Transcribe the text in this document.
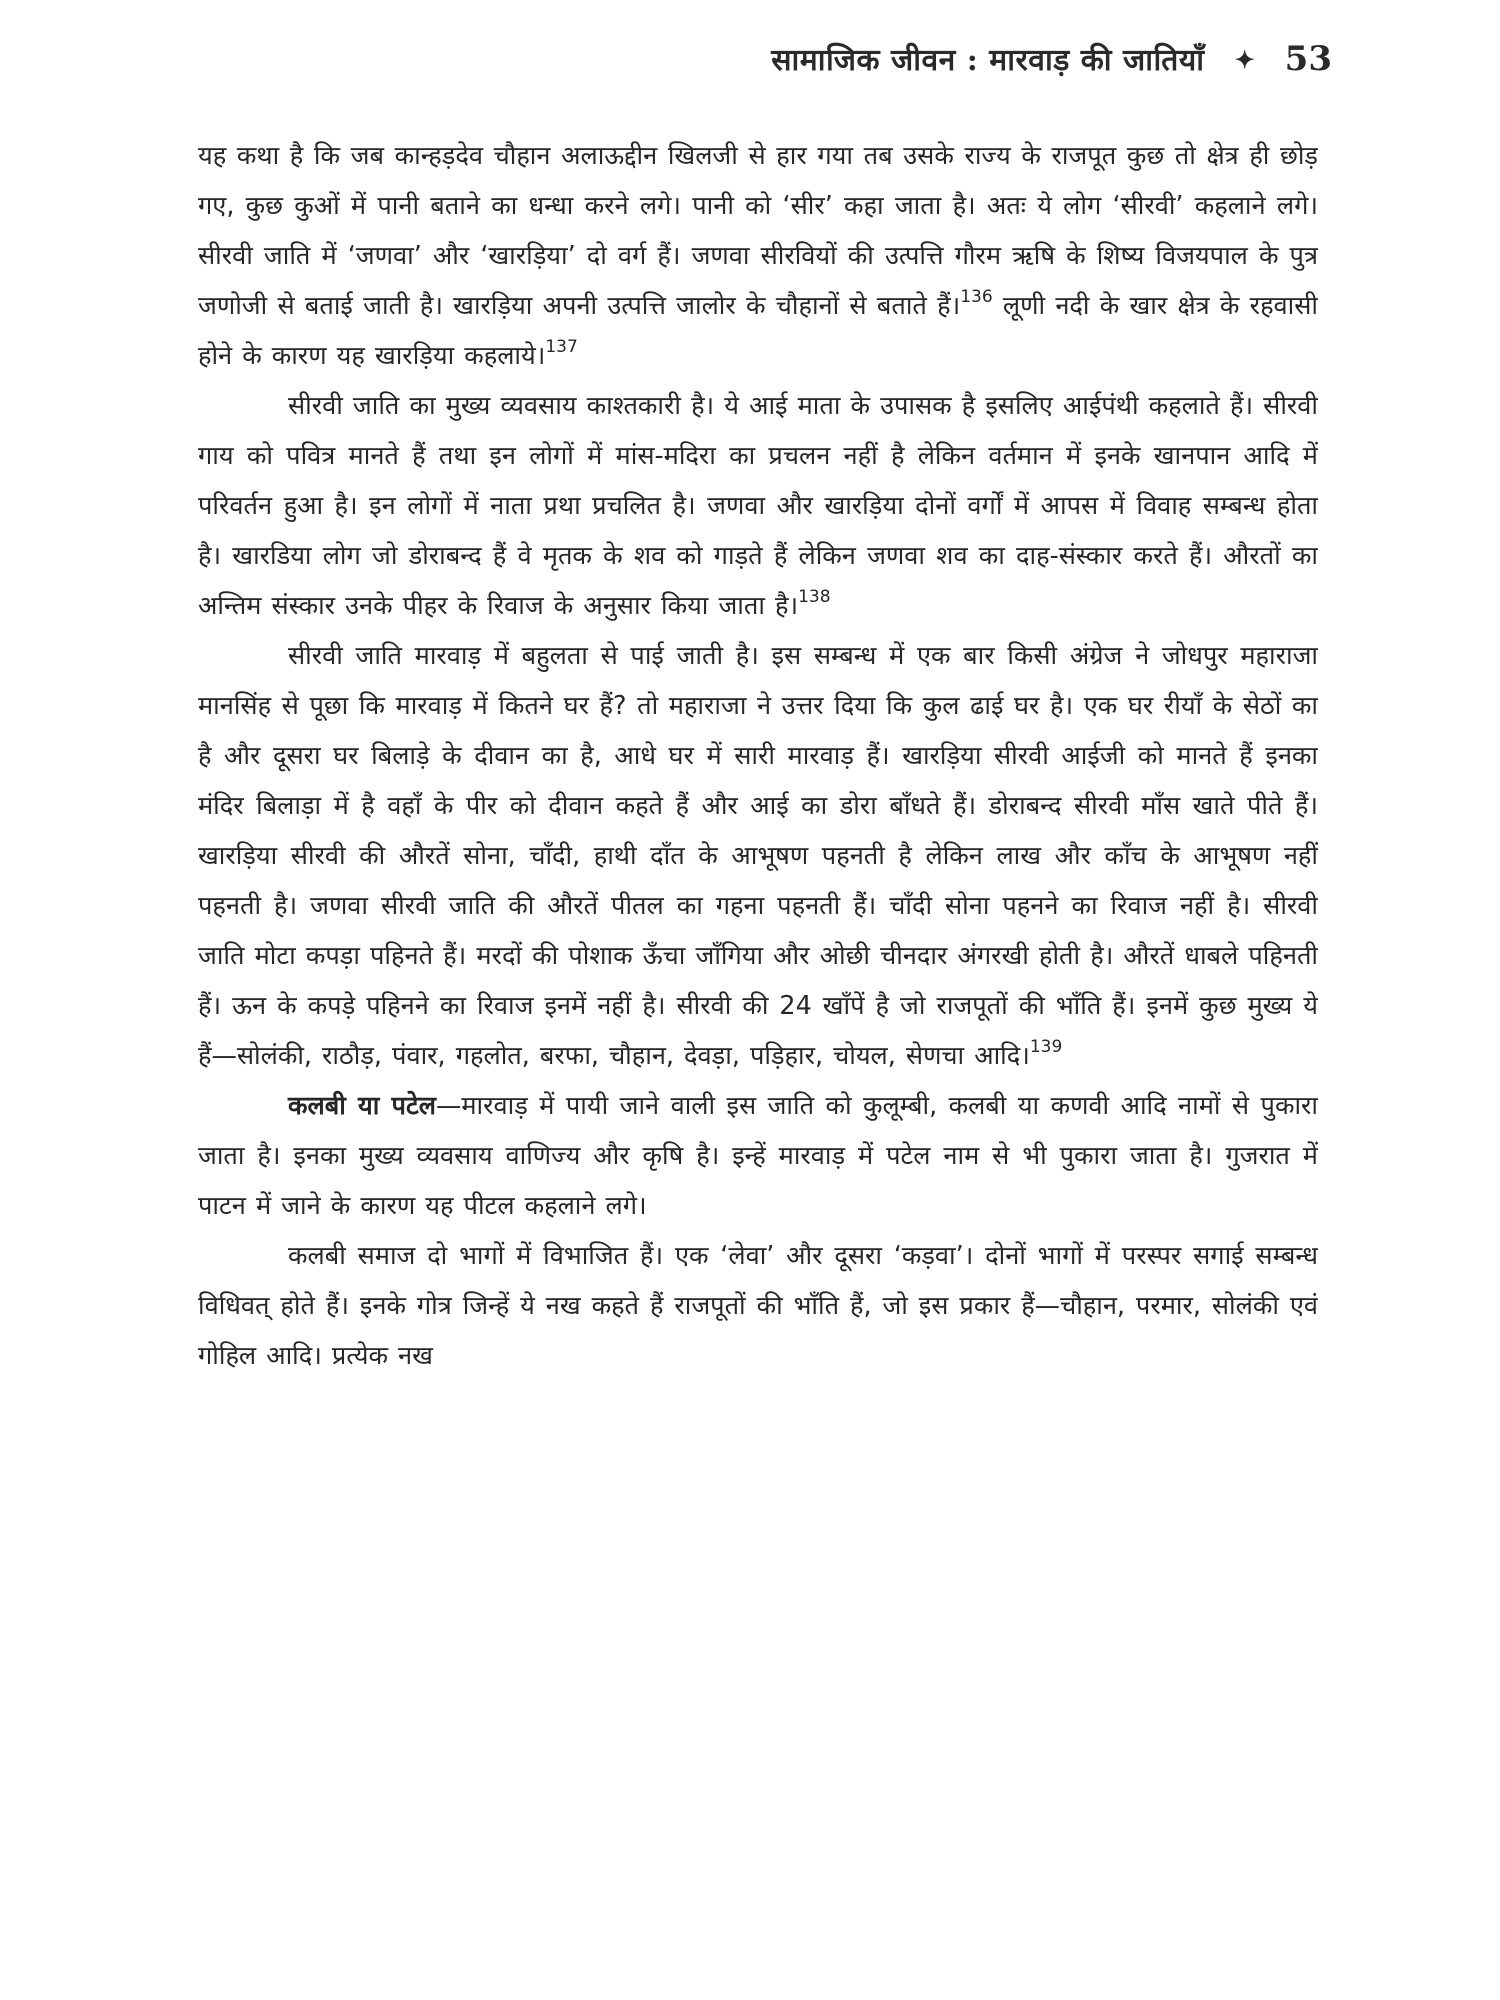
सामाजिक जीवन : मारवाड़ की जातियाँ ✦ 53

यह कथा है कि जब कान्हड़देव चौहान अलाऊद्दीन खिलजी से हार गया तब उसके राज्य के राजपूत कुछ तो क्षेत्र ही छोड़ गए, कुछ कुओं में पानी बताने का धन्धा करने लगे। पानी को ‘सीर’ कहा जाता है। अतः ये लोग ‘सीरवी’ कहलाने लगे। सीरवी जाति में ‘जणवा’ और ‘खारड़िया’ दो वर्ग हैं। जणवा सीरवियों की उत्पत्ति गौरम ऋषि के शिष्य विजयपाल के पुत्र जणोजी से बताई जाती है। खारड़िया अपनी उत्पत्ति जालोर के चौहानों से बताते हैं।$^{136}$ लूणी नदी के खार क्षेत्र के रहवासी होने के कारण यह खारड़िया कहलाये।$^{137}$

सीरवी जाति का मुख्य व्यवसाय काश्तकारी है। ये आई माता के उपासक है इसलिए आईपंथी कहलाते हैं। सीरवी गाय को पवित्र मानते हैं तथा इन लोगों में मांस-मदिरा का प्रचलन नहीं है लेकिन वर्तमान में इनके खानपान आदि में परिवर्तन हुआ है। इन लोगों में नाता प्रथा प्रचलित है। जणवा और खारड़िया दोनों वर्गों में आपस में विवाह सम्बन्ध होता है। खारडिया लोग जो डोराबन्द हैं वे मृतक के शव को गाड़ते हैं लेकिन जणवा शव का दाह-संस्कार करते हैं। औरतों का अन्तिम संस्कार उनके पीहर के रिवाज के अनुसार किया जाता है।$^{138}$

सीरवी जाति मारवाड़ में बहुलता से पाई जाती है। इस सम्बन्ध में एक बार किसी अंग्रेज ने जोधपुर महाराजा मानसिंह से पूछा कि मारवाड़ में कितने घर हैं? तो महाराजा ने उत्तर दिया कि कुल ढाई घर है। एक घर रीयाँ के सेठों का है और दूसरा घर बिलाड़े के दीवान का है, आधे घर में सारी मारवाड़ हैं। खारड़िया सीरवी आईजी को मानते हैं इनका मंदिर बिलाड़ा में है वहाँ के पीर को दीवान कहते हैं और आई का डोरा बाँधते हैं। डोराबन्द सीरवी माँस खाते पीते हैं। खारड़िया सीरवी की औरतें सोना, चाँदी, हाथी दाँत के आभूषण पहनती है लेकिन लाख और काँच के आभूषण नहीं पहनती है। जणवा सीरवी जाति की औरतें पीतल का गहना पहनती हैं। चाँदी सोना पहनने का रिवाज नहीं है। सीरवी जाति मोटा कपड़ा पहिनते हैं। मरदों की पोशाक ऊँचा जाँगिया और ओछी चीनदार अंगरखी होती है। औरतें धाबले पहिनती हैं। ऊन के कपड़े पहिनने का रिवाज इनमें नहीं है। सीरवी की 24 खाँपें है जो राजपूतों की भाँति हैं। इनमें कुछ मुख्य ये हैं—सोलंकी, राठौड़, पंवार, गहलोत, बरफा, चौहान, देवड़ा, पड़िहार, चोयल, सेणचा आदि।$^{139}$

कलबी या पटेल—मारवाड़ में पायी जाने वाली इस जाति को कुलूम्बी, कलबी या कणवी आदि नामों से पुकारा जाता है। इनका मुख्य व्यवसाय वाणिज्य और कृषि है। इन्हें मारवाड़ में पटेल नाम से भी पुकारा जाता है। गुजरात में पाटन में जाने के कारण यह पीटल कहलाने लगे।

कलबी समाज दो भागों में विभाजित हैं। एक ‘लेवा’ और दूसरा ‘कड़वा’। दोनों भागों में परस्पर सगाई सम्बन्ध विधिवत् होते हैं। इनके गोत्र जिन्हें ये नख कहते हैं राजपूतों की भाँति हैं, जो इस प्रकार हैं—चौहान, परमार, सोलंकी एवं गोहिल आदि। प्रत्येक नख
